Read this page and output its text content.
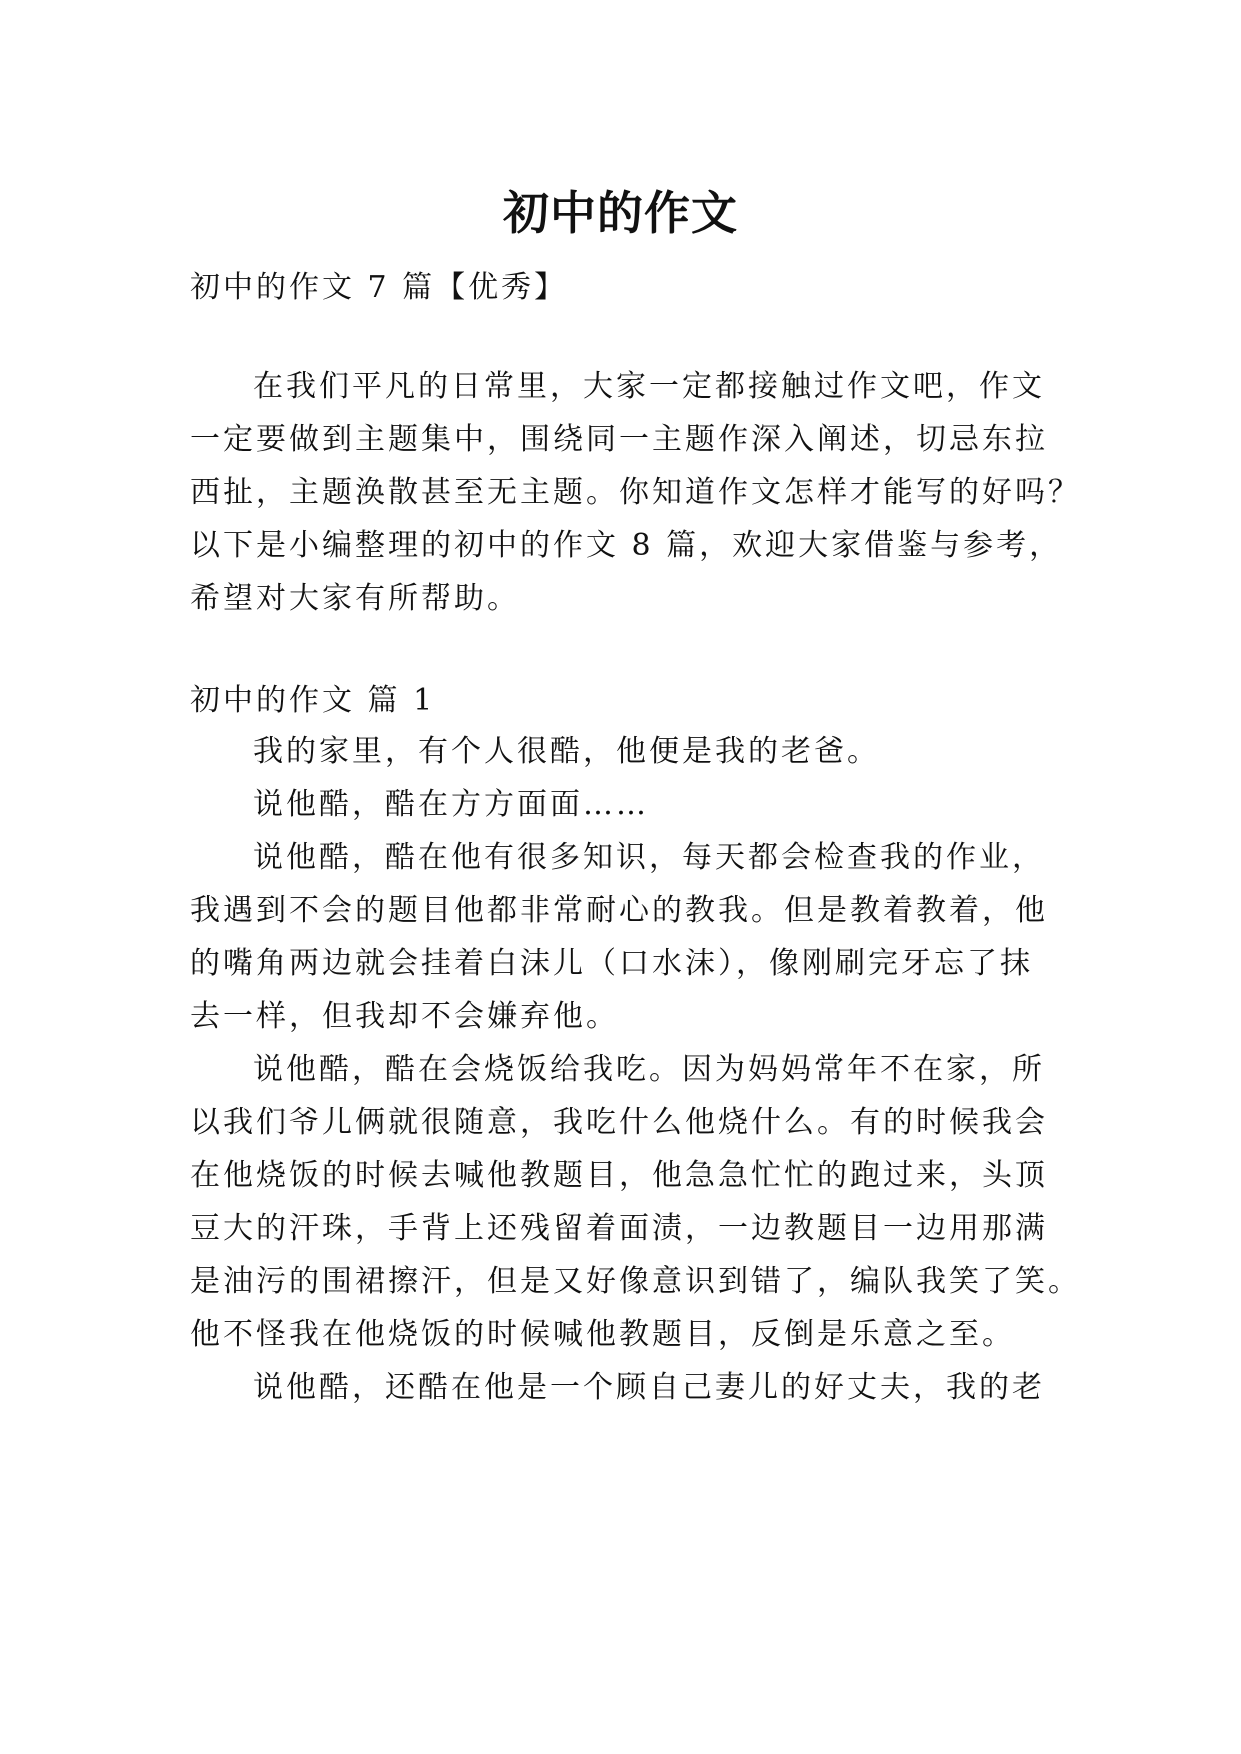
初中的作文

初中的作文 7 篇【优秀】

在我们平凡的日常里，大家一定都接触过作文吧，作文

一定要做到主题集中，围绕同一主题作深入阐述，切忌东拉

西扯，主题涣散甚至无主题。你知道作文怎样才能写的好吗？

以下是小编整理的初中的作文 8 篇，欢迎大家借鉴与参考，

希望对大家有所帮助。

初中的作文 篇 1

我的家里，有个人很酷，他便是我的老爸。

说他酷，酷在方方面面……

说他酷，酷在他有很多知识，每天都会检查我的作业，

我遇到不会的题目他都非常耐心的教我。但是教着教着，他

的嘴角两边就会挂着白沫儿（口水沫），像刚刷完牙忘了抹

去一样，但我却不会嫌弃他。

说他酷，酷在会烧饭给我吃。因为妈妈常年不在家，所

以我们爷儿俩就很随意，我吃什么他烧什么。有的时候我会

在他烧饭的时候去喊他教题目，他急急忙忙的跑过来，头顶

豆大的汗珠，手背上还残留着面渍，一边教题目一边用那满

是油污的围裙擦汗，但是又好像意识到错了，编队我笑了笑。

他不怪我在他烧饭的时候喊他教题目，反倒是乐意之至。

说他酷，还酷在他是一个顾自己妻儿的好丈夫，我的老
